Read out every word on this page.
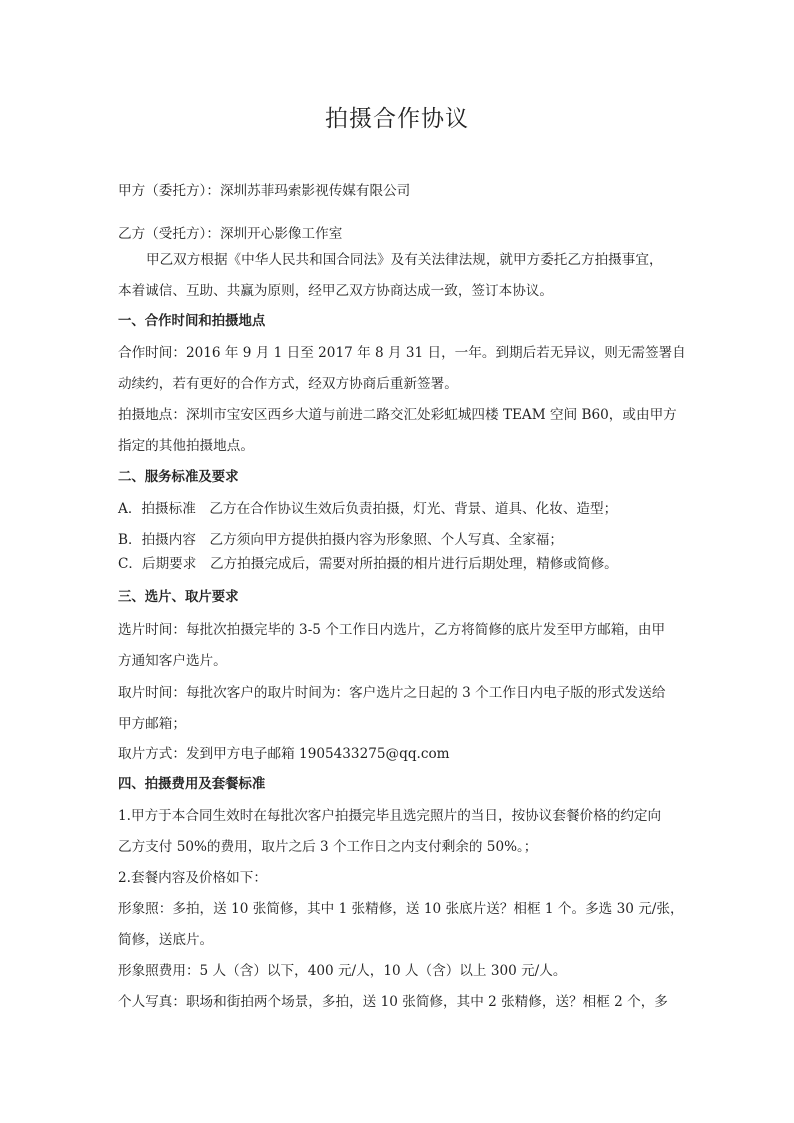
拍摄合作协议
甲方（委托方）：深圳苏菲玛索影视传媒有限公司
乙方（受托方）：深圳开心影像工作室
甲乙双方根据《中华人民共和国合同法》及有关法律法规，就甲方委托乙方拍摄事宜，
本着诚信、互助、共赢为原则，经甲乙双方协商达成一致，签订本协议。
一、合作时间和拍摄地点
合作时间：2016 年 9 月 1 日至 2017 年 8 月 31 日，一年。到期后若无异议，则无需签署自
动续约，若有更好的合作方式，经双方协商后重新签署。
拍摄地点：深圳市宝安区西乡大道与前进二路交汇处彩虹城四楼 TEAM 空间 B60，或由甲方
指定的其他拍摄地点。
二、服务标准及要求
A．拍摄标准　乙方在合作协议生效后负责拍摄，灯光、背景、道具、化妆、造型；
B．拍摄内容　乙方须向甲方提供拍摄内容为形象照、个人写真、全家福；
C．后期要求　乙方拍摄完成后，需要对所拍摄的相片进行后期处理，精修或简修。
三、选片、取片要求
选片时间：每批次拍摄完毕的 3-5 个工作日内选片，乙方将简修的底片发至甲方邮箱，由甲
方通知客户选片。
取片时间：每批次客户的取片时间为：客户选片之日起的 3 个工作日内电子版的形式发送给
甲方邮箱；
取片方式：发到甲方电子邮箱 1905433275@qq.com
四、拍摄费用及套餐标准
1.甲方于本合同生效时在每批次客户拍摄完毕且选完照片的当日，按协议套餐价格的约定向
乙方支付 50%的费用，取片之后 3 个工作日之内支付剩余的 50%。；
2.套餐内容及价格如下：
形象照：多拍，送 10 张简修，其中 1 张精修，送 10 张底片送？相框 1 个。多选 30 元/张，
简修，送底片。
形象照费用：5 人（含）以下，400 元/人，10 人（含）以上 300 元/人。
个人写真：职场和街拍两个场景，多拍，送 10 张简修，其中 2 张精修，送？相框 2 个，多
